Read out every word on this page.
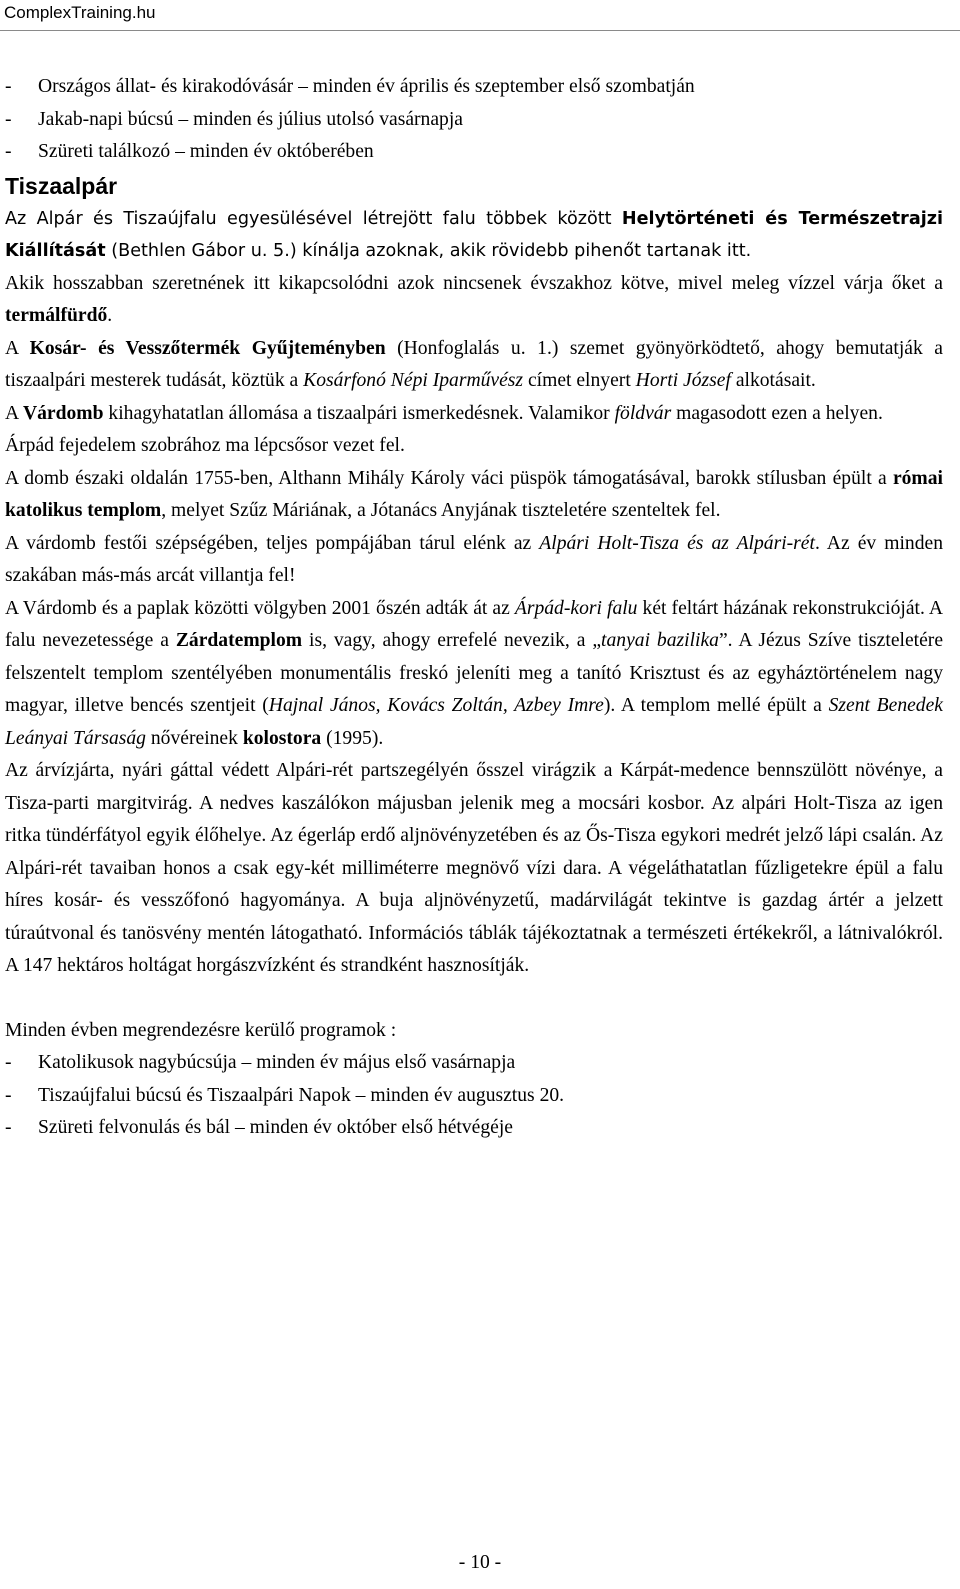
ComplexTraining.hu
- Országos állat- és kirakodóvásár – minden év április és szeptember első szombatján
- Jakab-napi búcsú – minden és július utolsó vasárnapja
- Szüreti találkozó – minden év októberében
Tiszaalpár

Az Alpár és Tiszaújfalu egyesülésével létrejött falu többek között Helytörténeti és Természetrajzi Kiállítását (Bethlen Gábor u. 5.) kínálja azoknak, akik rövidebb pihenőt tartanak itt.

Akik hosszabban szeretnének itt kikapcsolódni azok nincsenek évszakhoz kötve, mivel meleg vízzel várja őket a termálfürdő.

A Kosár- és Vesszőtermék Gyűjteményben (Honfoglalás u. 1.) szemet gyönyörködtető, ahogy bemutatják a tiszaalpári mesterek tudását, köztük a Kosárfonó Népi Iparművész címet elnyert Horti József alkotásait.

A Várdomb kihagyhatatlan állomása a tiszaalpári ismerkedésnek. Valamikor földvár magasodott ezen a helyen.

Árpád fejedelem szobrához ma lépcsősor vezet fel.

A domb északi oldalán 1755-ben, Althann Mihály Károly váci püspök támogatásával, barokk stílusban épült a római katolikus templom, melyet Szűz Máriának, a Jótanács Anyjának tiszteletére szenteltek fel.

A várdomb festői szépségében, teljes pompájában tárul elénk az Alpári Holt-Tisza és az Alpári-rét. Az év minden szakában más-más arcát villantja fel!

A Várdomb és a paplak közötti völgyben 2001 őszén adták át az Árpád-kori falu két feltárt házának rekonstrukcióját. A falu nevezetessége a Zárdatemplom is, vagy, ahogy errefelé nevezik, a „tanyai bazilika”. A Jézus Szíve tiszteletére felszentelt templom szentélyében monumentális freskó jeleníti meg a tanító Krisztust és az egyháztörténelem nagy magyar, illetve bencés szentjeit (Hajnal János, Kovács Zoltán, Azbey Imre). A templom mellé épült a Szent Benedek Leányai Társaság nővéreinek kolostora (1995).

Az árvízjárta, nyári gáttal védett Alpári-rét partszegélyén ősszel virágzik a Kárpát-medence bennszülött növénye, a Tisza-parti margitvirág. A nedves kaszálókon májusban jelenik meg a mocsári kosbor. Az alpári Holt-Tisza az igen ritka tündérfátyol egyik élőhelye. Az égerláp erdő aljnövényzetében és az Ős-Tisza egykori medrét jelző lápi csalán. Az Alpári-rét tavaiban honos a csak egy-két milliméterre megnövő vízi dara. A végeláthatatlan fűzligetekre épül a falu híres kosár- és vesszőfonó hagyománya. A buja aljnövényzetű, madárvilágát tekintve is gazdag ártér a jelzett túraútvonal és tanösvény mentén látogatható. Információs táblák tájékoztatnak a természeti értékekről, a látnivalókról. A 147 hektáros holtágat horgászvízként és strandként hasznosítják.

Minden évben megrendezésre kerülő programok :

- Katolikusok nagybúcsúja – minden év május első vasárnapja
- Tiszaújfalui búcsú és Tiszaalpári Napok – minden év augusztus 20.
- Szüreti felvonulás és bál – minden év október első hétvégéje
- 10 -
